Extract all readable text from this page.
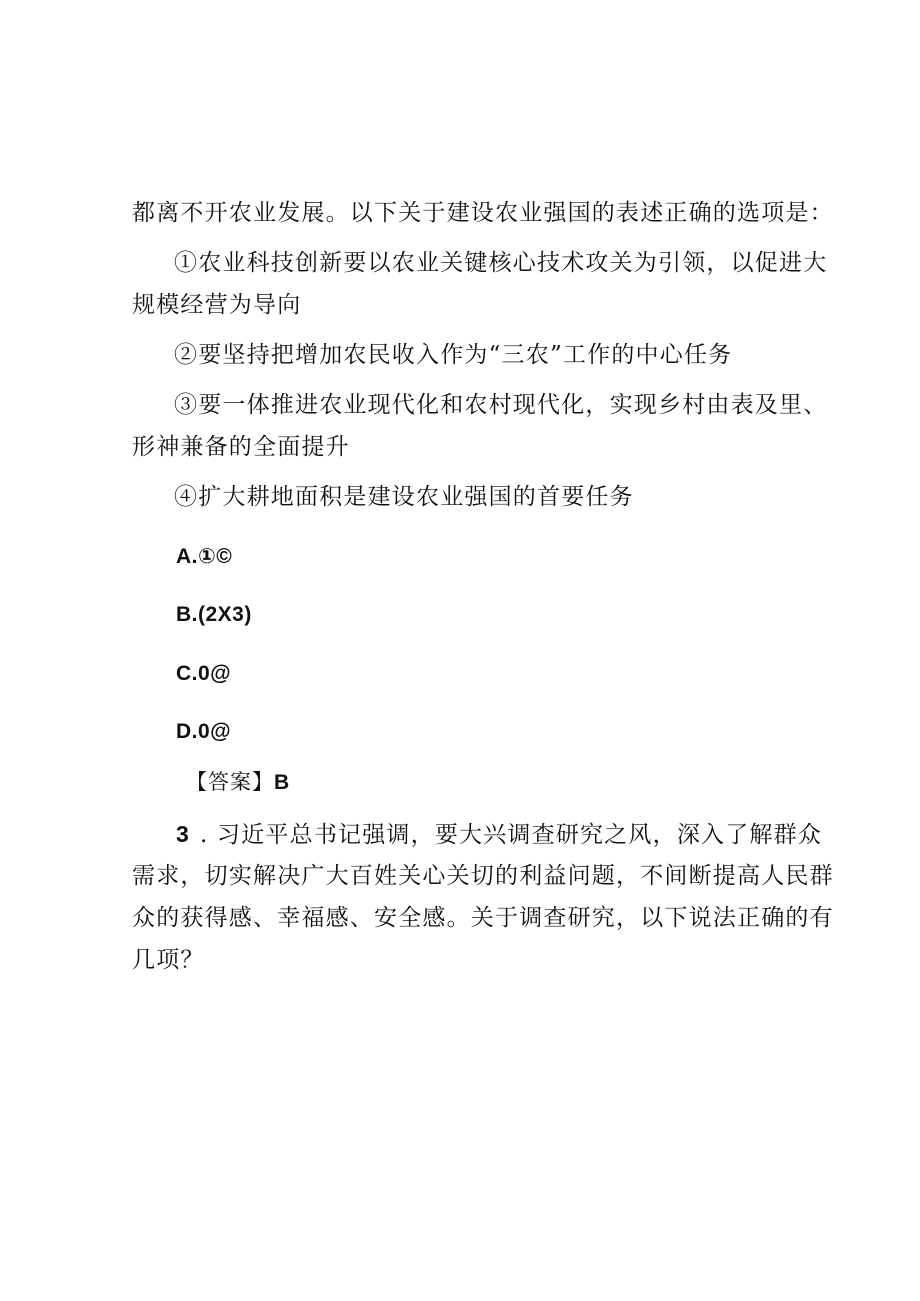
都离不开农业发展。以下关于建设农业强国的表述正确的选项是：
①农业科技创新要以农业关键核心技术攻关为引领，以促进大
规模经营为导向
②要坚持把增加农民收入作为“三农”工作的中心任务
③要一体推进农业现代化和农村现代化，实现乡村由表及里、
形神兼备的全面提升
④扩大耕地面积是建设农业强国的首要任务
A.①©
B.(2X3)
C.0@
D.0@
【答案】B
3 . 习近平总书记强调，要大兴调查研究之风，深入了解群众
需求，切实解决广大百姓关心关切的利益问题，不间断提高人民群
众的获得感、幸福感、安全感。关于调查研究，以下说法正确的有
几项？
